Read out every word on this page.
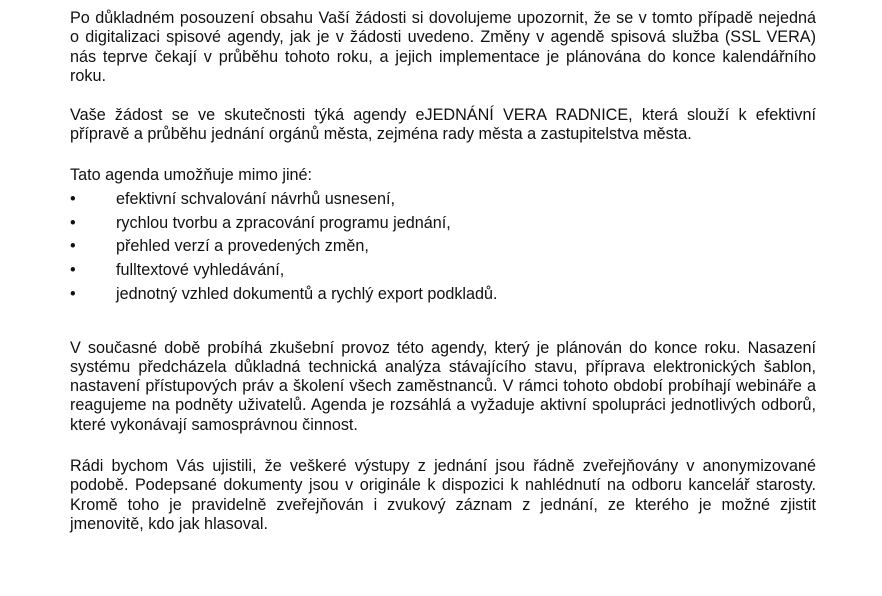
Po důkladném posouzení obsahu Vaší žádosti si dovolujeme upozornit, že se v tomto případě nejedná o digitalizaci spisové agendy, jak je v žádosti uvedeno. Změny v agendě spisová služba (SSL VERA) nás teprve čekají v průběhu tohoto roku, a jejich implementace je plánována do konce kalendářního roku.

Vaše žádost se ve skutečnosti týká agendy eJEDNÁNÍ VERA RADNICE, která slouží k efektivní přípravě a průběhu jednání orgánů města, zejména rady města a zastupitelstva města.

Tato agenda umožňuje mimo jiné:

•	efektivní schvalování návrhů usnesení,
•	rychlou tvorbu a zpracování programu jednání,
•	přehled verzí a provedených změn,
•	fulltextové vyhledávání,
•	jednotný vzhled dokumentů a rychlý export podkladů.

V současné době probíhá zkušební provoz této agendy, který je plánován do konce roku. Nasazení systému předcházela důkladná technická analýza stávajícího stavu, příprava elektronických šablon, nastavení přístupových práv a školení všech zaměstnanců. V rámci tohoto období probíhají webináře a reagujeme na podněty uživatelů. Agenda je rozsáhlá a vyžaduje aktivní spolupráci jednotlivých odborů, které vykonávají samosprávnou činnost.

Rádi bychom Vás ujistili, že veškeré výstupy z jednání jsou řádně zveřejňovány v anonymizované podobě. Podepsané dokumenty jsou v originále k dispozici k nahlédnutí na odboru kancelář starosty. Kromě toho je pravidelně zveřejňován i zvukový záznam z jednání, ze kterého je možné zjistit jmenovitě, kdo jak hlasoval.
